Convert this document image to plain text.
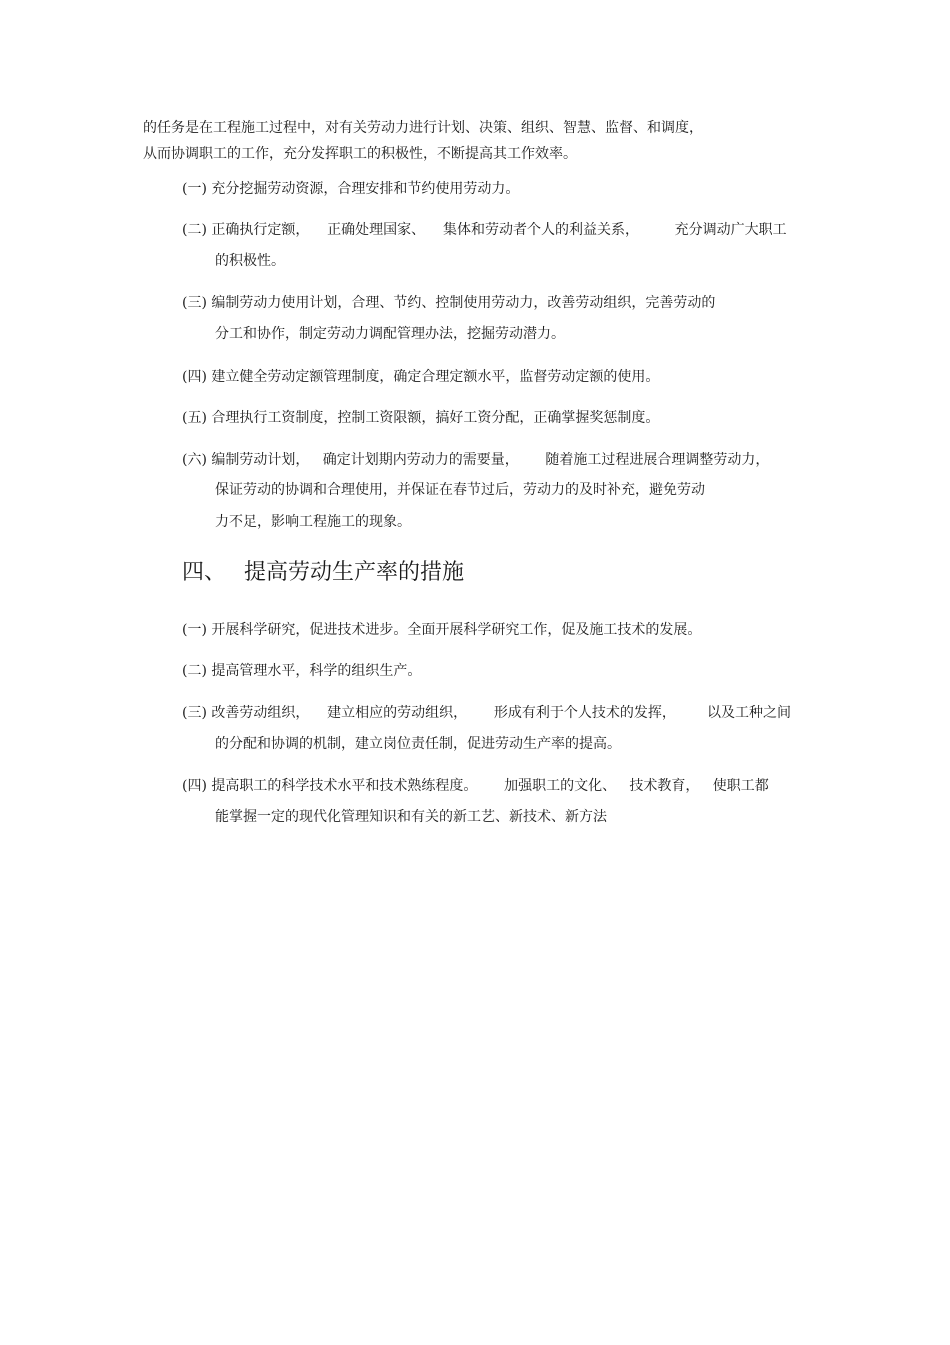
的任务是在工程施工过程中，对有关劳动力进行计划、决策、组织、智慧、监督、和调度，
从而协调职工的工作，充分发挥职工的积极性，不断提高其工作效率。
(一) 充分挖掘劳动资源，合理安排和节约使用劳动力。
(二) 正确执行定额，    正确处理国家、    集体和劳动者个人的利益关系，        充分调动广大职工
的积极性。
(三) 编制劳动力使用计划，合理、节约、控制使用劳动力，改善劳动组织，完善劳动的
分工和协作，制定劳动力调配管理办法，挖掘劳动潜力。
(四) 建立健全劳动定额管理制度，确定合理定额水平，监督劳动定额的使用。
(五) 合理执行工资制度，控制工资限额，搞好工资分配，正确掌握奖惩制度。
(六) 编制劳动计划，   确定计划期内劳动力的需要量，      随着施工过程进展合理调整劳动力，
保证劳动的协调和合理使用，并保证在春节过后，劳动力的及时补充，避免劳动
力不足，影响工程施工的现象。
四、 提高劳动生产率的措施
(一) 开展科学研究，促进技术进步。全面开展科学研究工作，促及施工技术的发展。
(二) 提高管理水平，科学的组织生产。
(三) 改善劳动组织，    建立相应的劳动组织，      形成有利于个人技术的发挥，       以及工种之间
的分配和协调的机制，建立岗位责任制，促进劳动生产率的提高。
(四) 提高职工的科学技术水平和技术熟练程度。      加强职工的文化、   技术教育，   使职工都
能掌握一定的现代化管理知识和有关的新工艺、新技术、新方法
